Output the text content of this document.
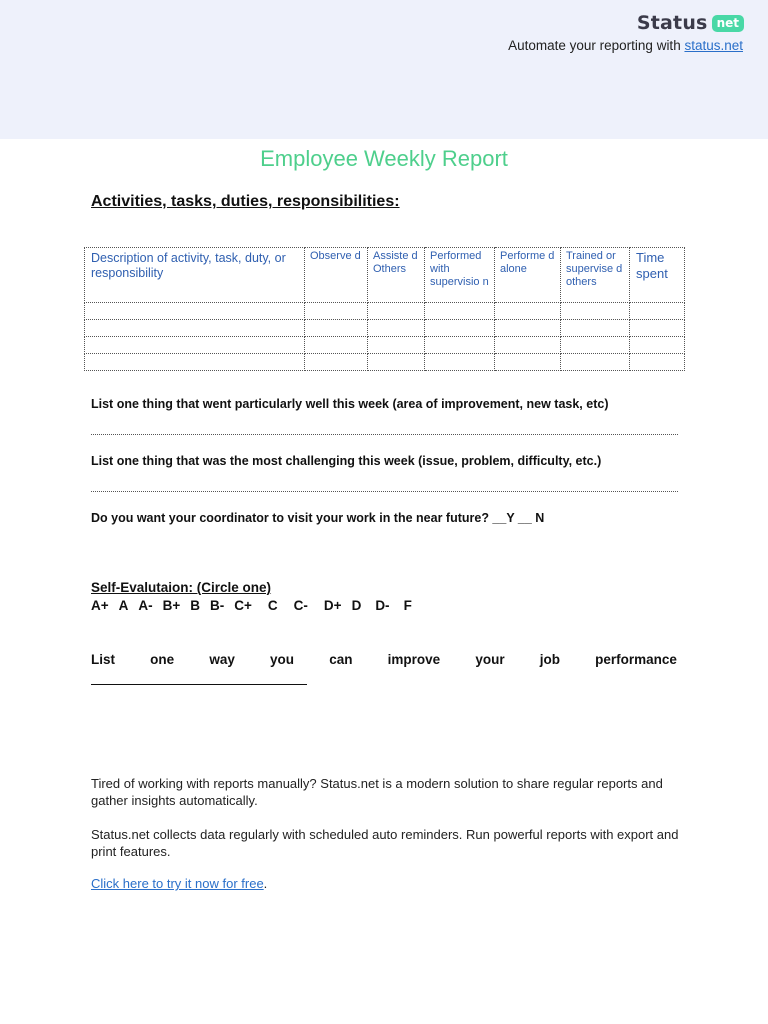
Status net
Automate your reporting with status.net
Employee Weekly Report
Activities, tasks, duties, responsibilities:
Description of activity, task, duty, or responsibility	Observe d	Assiste d Others	Performed with supervisio n	Performe d alone	Trained or supervise d others	Time spent

List one thing that went particularly well this week (area of improvement, new task, etc)
List one thing that was the most challenging this week (issue, problem, difficulty, etc.)
Do you want your coordinator to visit your work in the near future? __Y __ N
Self-Evalutaion: (Circle one)
A+ A A- B+ B B- C+ C C- D+ D D- F
List	one	way	you	can	improve	your	job	performance
Tired of working with reports manually? Status.net is a modern solution to share regular reports and gather insights automatically.
Status.net collects data regularly with scheduled auto reminders. Run powerful reports with export and print features.
Click here to try it now for free.
